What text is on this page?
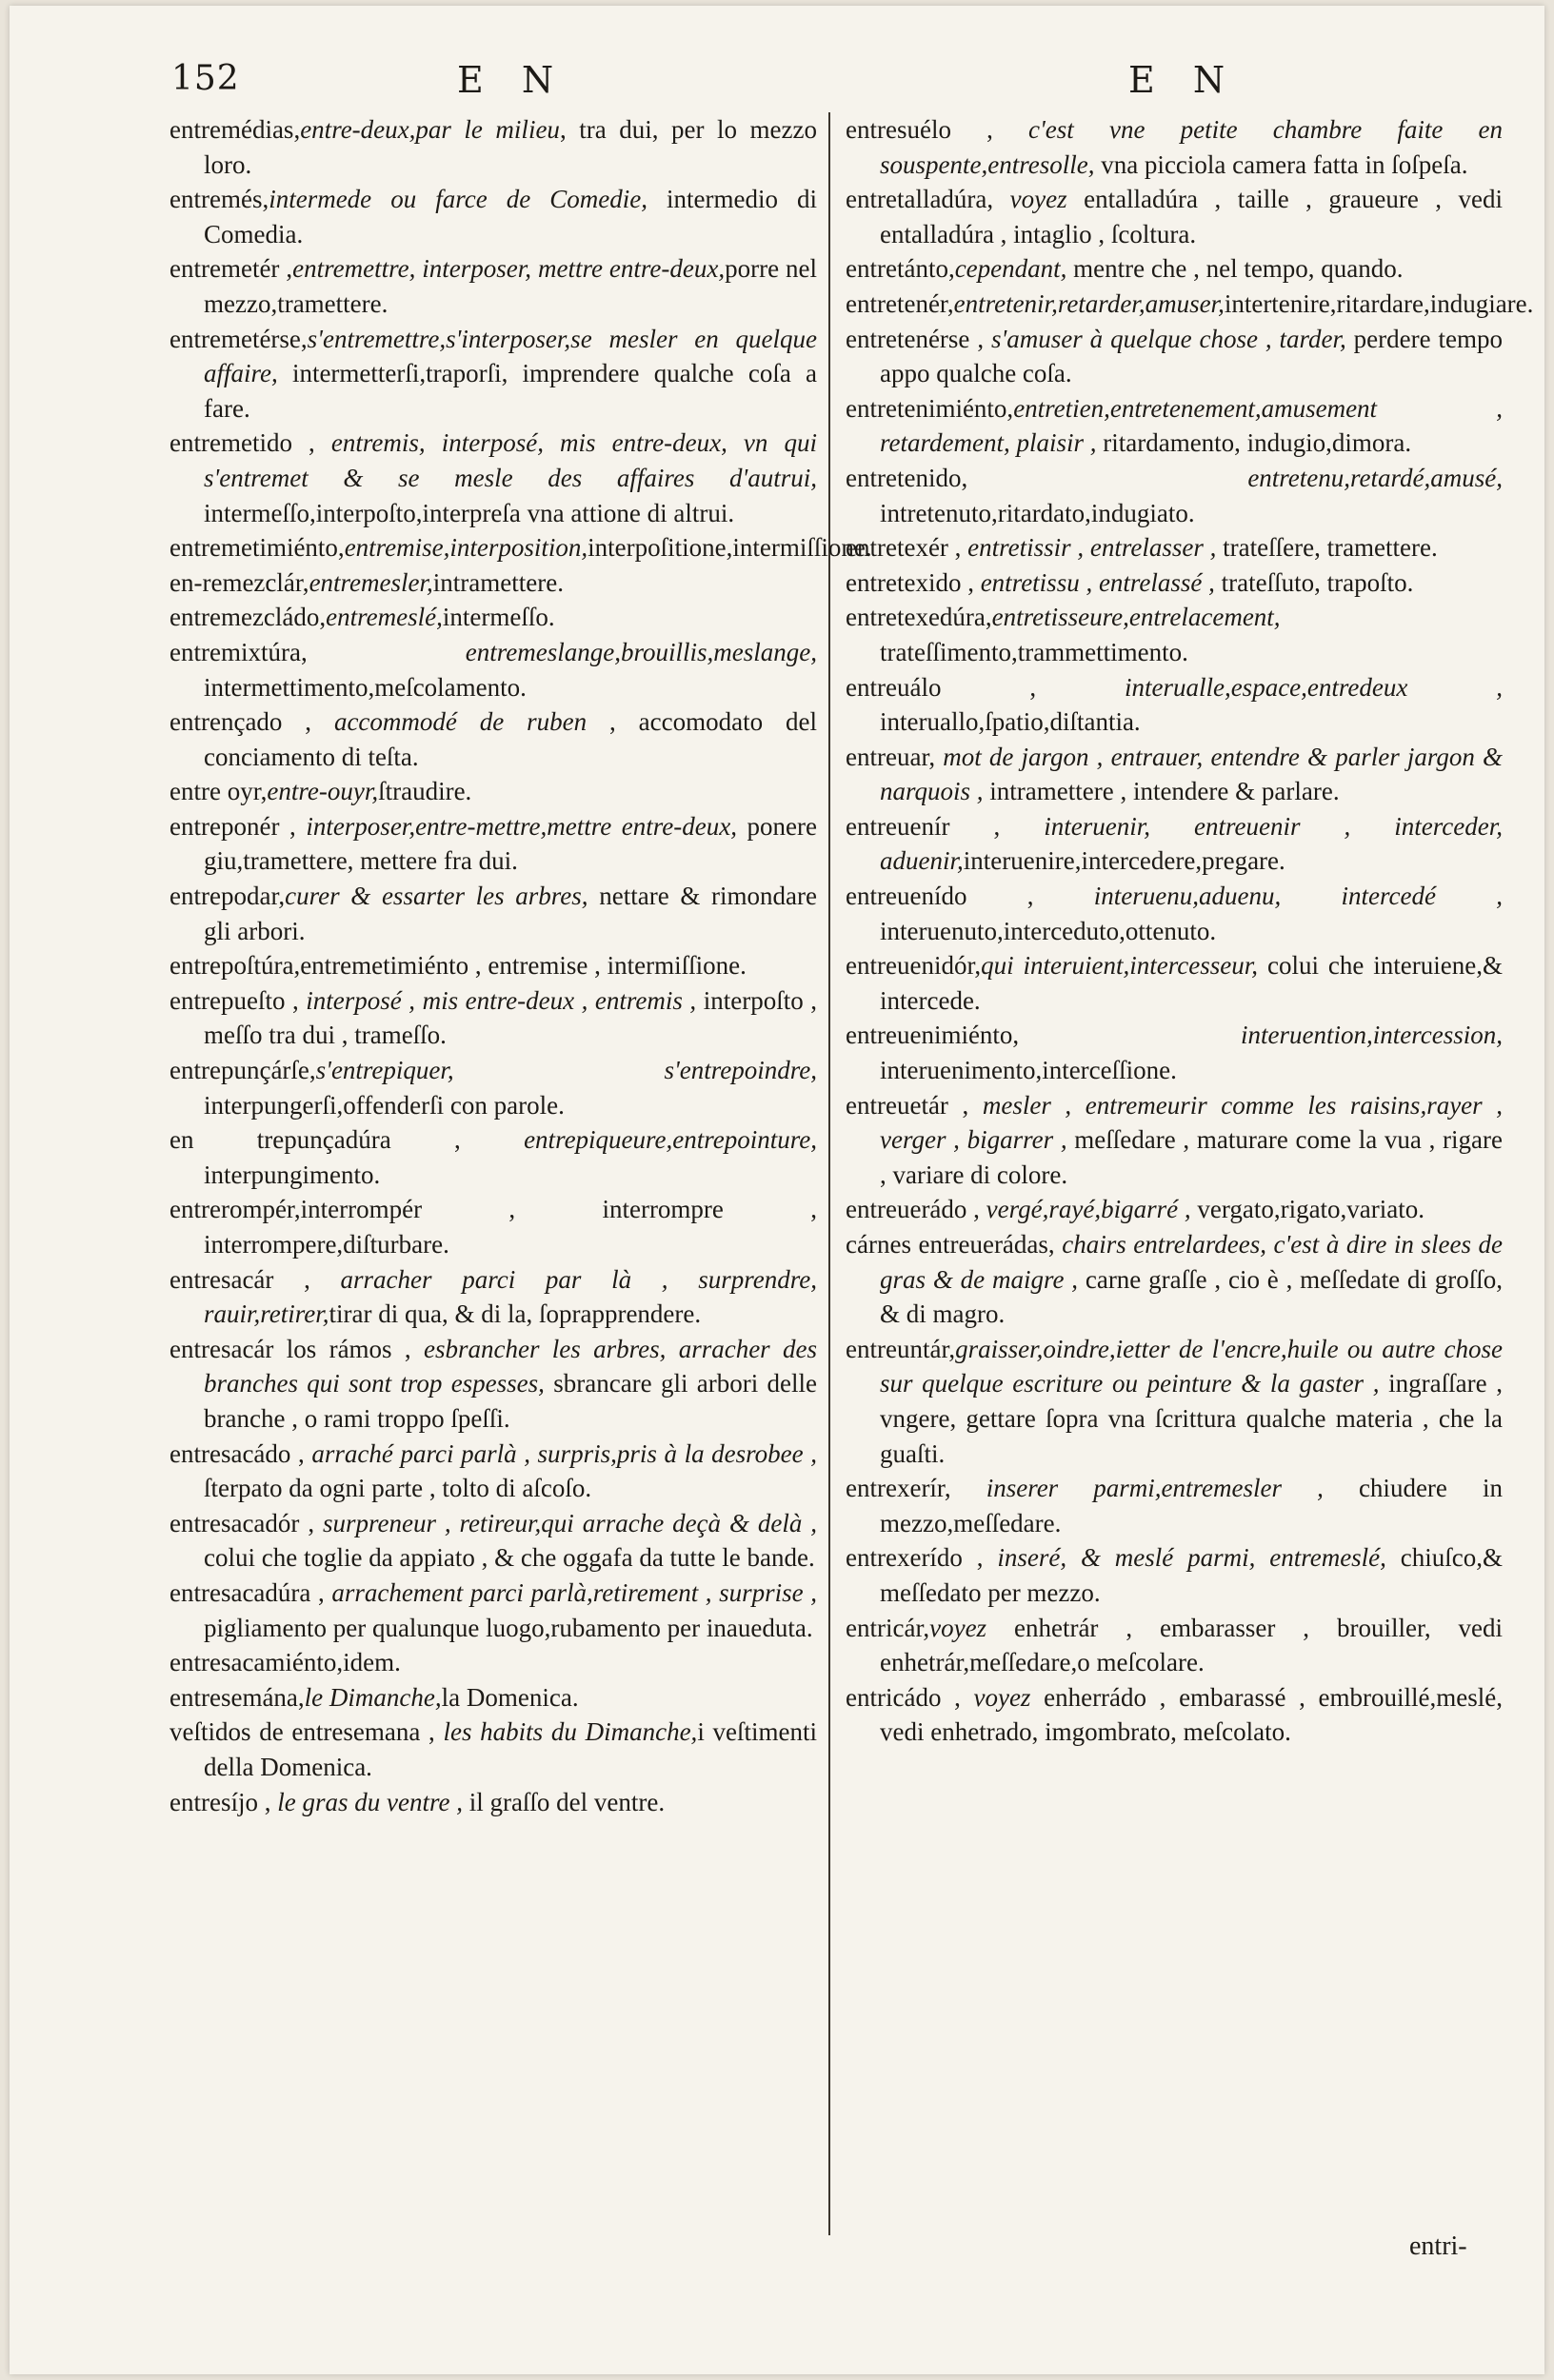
152	E N	E N

entremédias,entre-deux,par le milieu, tra dui, per lo mezzo loro.

entremés,intermede ou farce de Comedie, intermedio di Comedia.

entremetér ,entremettre, interposer, mettre entre-deux,porre nel mezzo,tramettere.

entremetérse,s'entremettre,s'interposer,se mesler en quelque affaire, intermetterſi,traporſi, imprendere qualche coſa a fare.

entremetido , entremis, interposé, mis entre-deux, vn qui s'entremet & se mesle des affaires d'autrui, intermeſſo,interpoſto,interpreſa vna attione di altrui.

entremetimiénto,entremise,interposition,interpoſitione,intermiſſione.

en-remezclár,entremesler,intramettere.

entremezcládo,entremeslé,intermeſſo.

entremixtúra, entremeslange,brouillis,meslange, intermettimento,meſcolamento.

entrençado , accommodé de ruben , accomodato del conciamento di teſta.

entre oyr,entre-ouyr,ſtraudire.

entreponér , interposer,entre-mettre,mettre entre-deux, ponere giu,tramettere, mettere fra dui.

entrepodar,curer & essarter les arbres, nettare & rimondare gli arbori.

entrepoſtúra,entremetimiénto , entremise , intermiſſione.

entrepueſto , interposé , mis entre-deux , entremis , interpoſto , meſſo tra dui , trameſſo.

entrepunçárſe,s'entrepiquer, s'entrepoindre, interpungerſi,offenderſi con parole.

en trepunçadúra , entrepiqueure,entrepointure, interpungimento.

entrerompér,interrompér , interrompre , interrompere,diſturbare.

entresacár , arracher parci par là , surprendre, rauir,retirer,tirar di qua, & di la, ſoprapprendere.

entresacár los rámos , esbrancher les arbres, arracher des branches qui sont trop espesses, sbrancare gli arbori delle branche , o rami troppo ſpeſſi.

entresacádo , arraché parci parlà , surpris,pris à la desrobee , ſterpato da ogni parte , tolto di aſcoſo.

entresacadór , surpreneur , retireur,qui arrache deçà & delà , colui che toglie da appiato , & che oggafa da tutte le bande.

entresacadúra , arrachement parci parlà,retirement , surprise , pigliamento per qualunque luogo,rubamento per inaueduta.

entresacamiénto,idem.

entresemána,le Dimanche,la Domenica.

veſtidos de entresemana , les habits du Dimanche,i veſtimenti della Domenica.

entresíjo , le gras du ventre , il graſſo del ventre.

entresuélo , c'est vne petite chambre faite en souspente,entresolle, vna picciola camera fatta in ſoſpeſa.

entretalladúra, voyez entalladúra , taille , graueure , vedi entalladúra , intaglio , ſcoltura.

entretánto,cependant, mentre che , nel tempo, quando.

entretenér,entretenir,retarder,amuser,intertenire,ritardare,indugiare.

entretenérse , s'amuser à quelque chose , tarder, perdere tempo appo qualche coſa.

entretenimiénto,entretien,entretenement,amusement , retardement, plaisir , ritardamento, indugio,dimora.

entretenido, entretenu,retardé,amusé, intretenuto,ritardato,indugiato.

entretexér , entretissir , entrelasser , trateſſere, tramettere.

entretexido , entretissu , entrelassé , trateſſuto, trapoſto.

entretexedúra,entretisseure,entrelacement, trateſſimento,trammettimento.

entreuálo , interualle,espace,entredeux , interuallo,ſpatio,diſtantia.

entreuar, mot de jargon , entrauer, entendre & parler jargon & narquois , intramettere , intendere & parlare.

entreuenír , interuenir, entreuenir , interceder, aduenir,interuenire,intercedere,pregare.

entreuenído , interuenu,aduenu, intercedé , interuenuto,interceduto,ottenuto.

entreuenidór,qui interuient,intercesseur, colui che interuiene,& intercede.

entreuenimiénto, interuention,intercession, interuenimento,interceſſione.

entreuetár , mesler , entremeurir comme les raisins,rayer , verger , bigarrer , meſſedare , maturare come la vua , rigare , variare di colore.

entreuerádo , vergé,rayé,bigarré , vergato,rigato,variato.

cárnes entreuerádas, chairs entrelardees, c'est à dire in slees de gras & de maigre , carne graſſe , cio è , meſſedate di groſſo, & di magro.

entreuntár,graisser,oindre,ietter de l'encre,huile ou autre chose sur quelque escriture ou peinture & la gaster , ingraſſare , vngere, gettare ſopra vna ſcrittura qualche materia , che la guaſti.

entrexerír, inserer parmi,entremesler , chiudere in mezzo,meſſedare.

entrexerído , inseré, & meslé parmi, entremeslé, chiuſco,& meſſedato per mezzo.

entricár,voyez enhetrár , embarasser , brouiller, vedi enhetrár,meſſedare,o meſcolare.

entricádo , voyez enherrádo , embarassé , embrouillé,meslé, vedi enhetrado, imgombrato, meſcolato.

entri-
